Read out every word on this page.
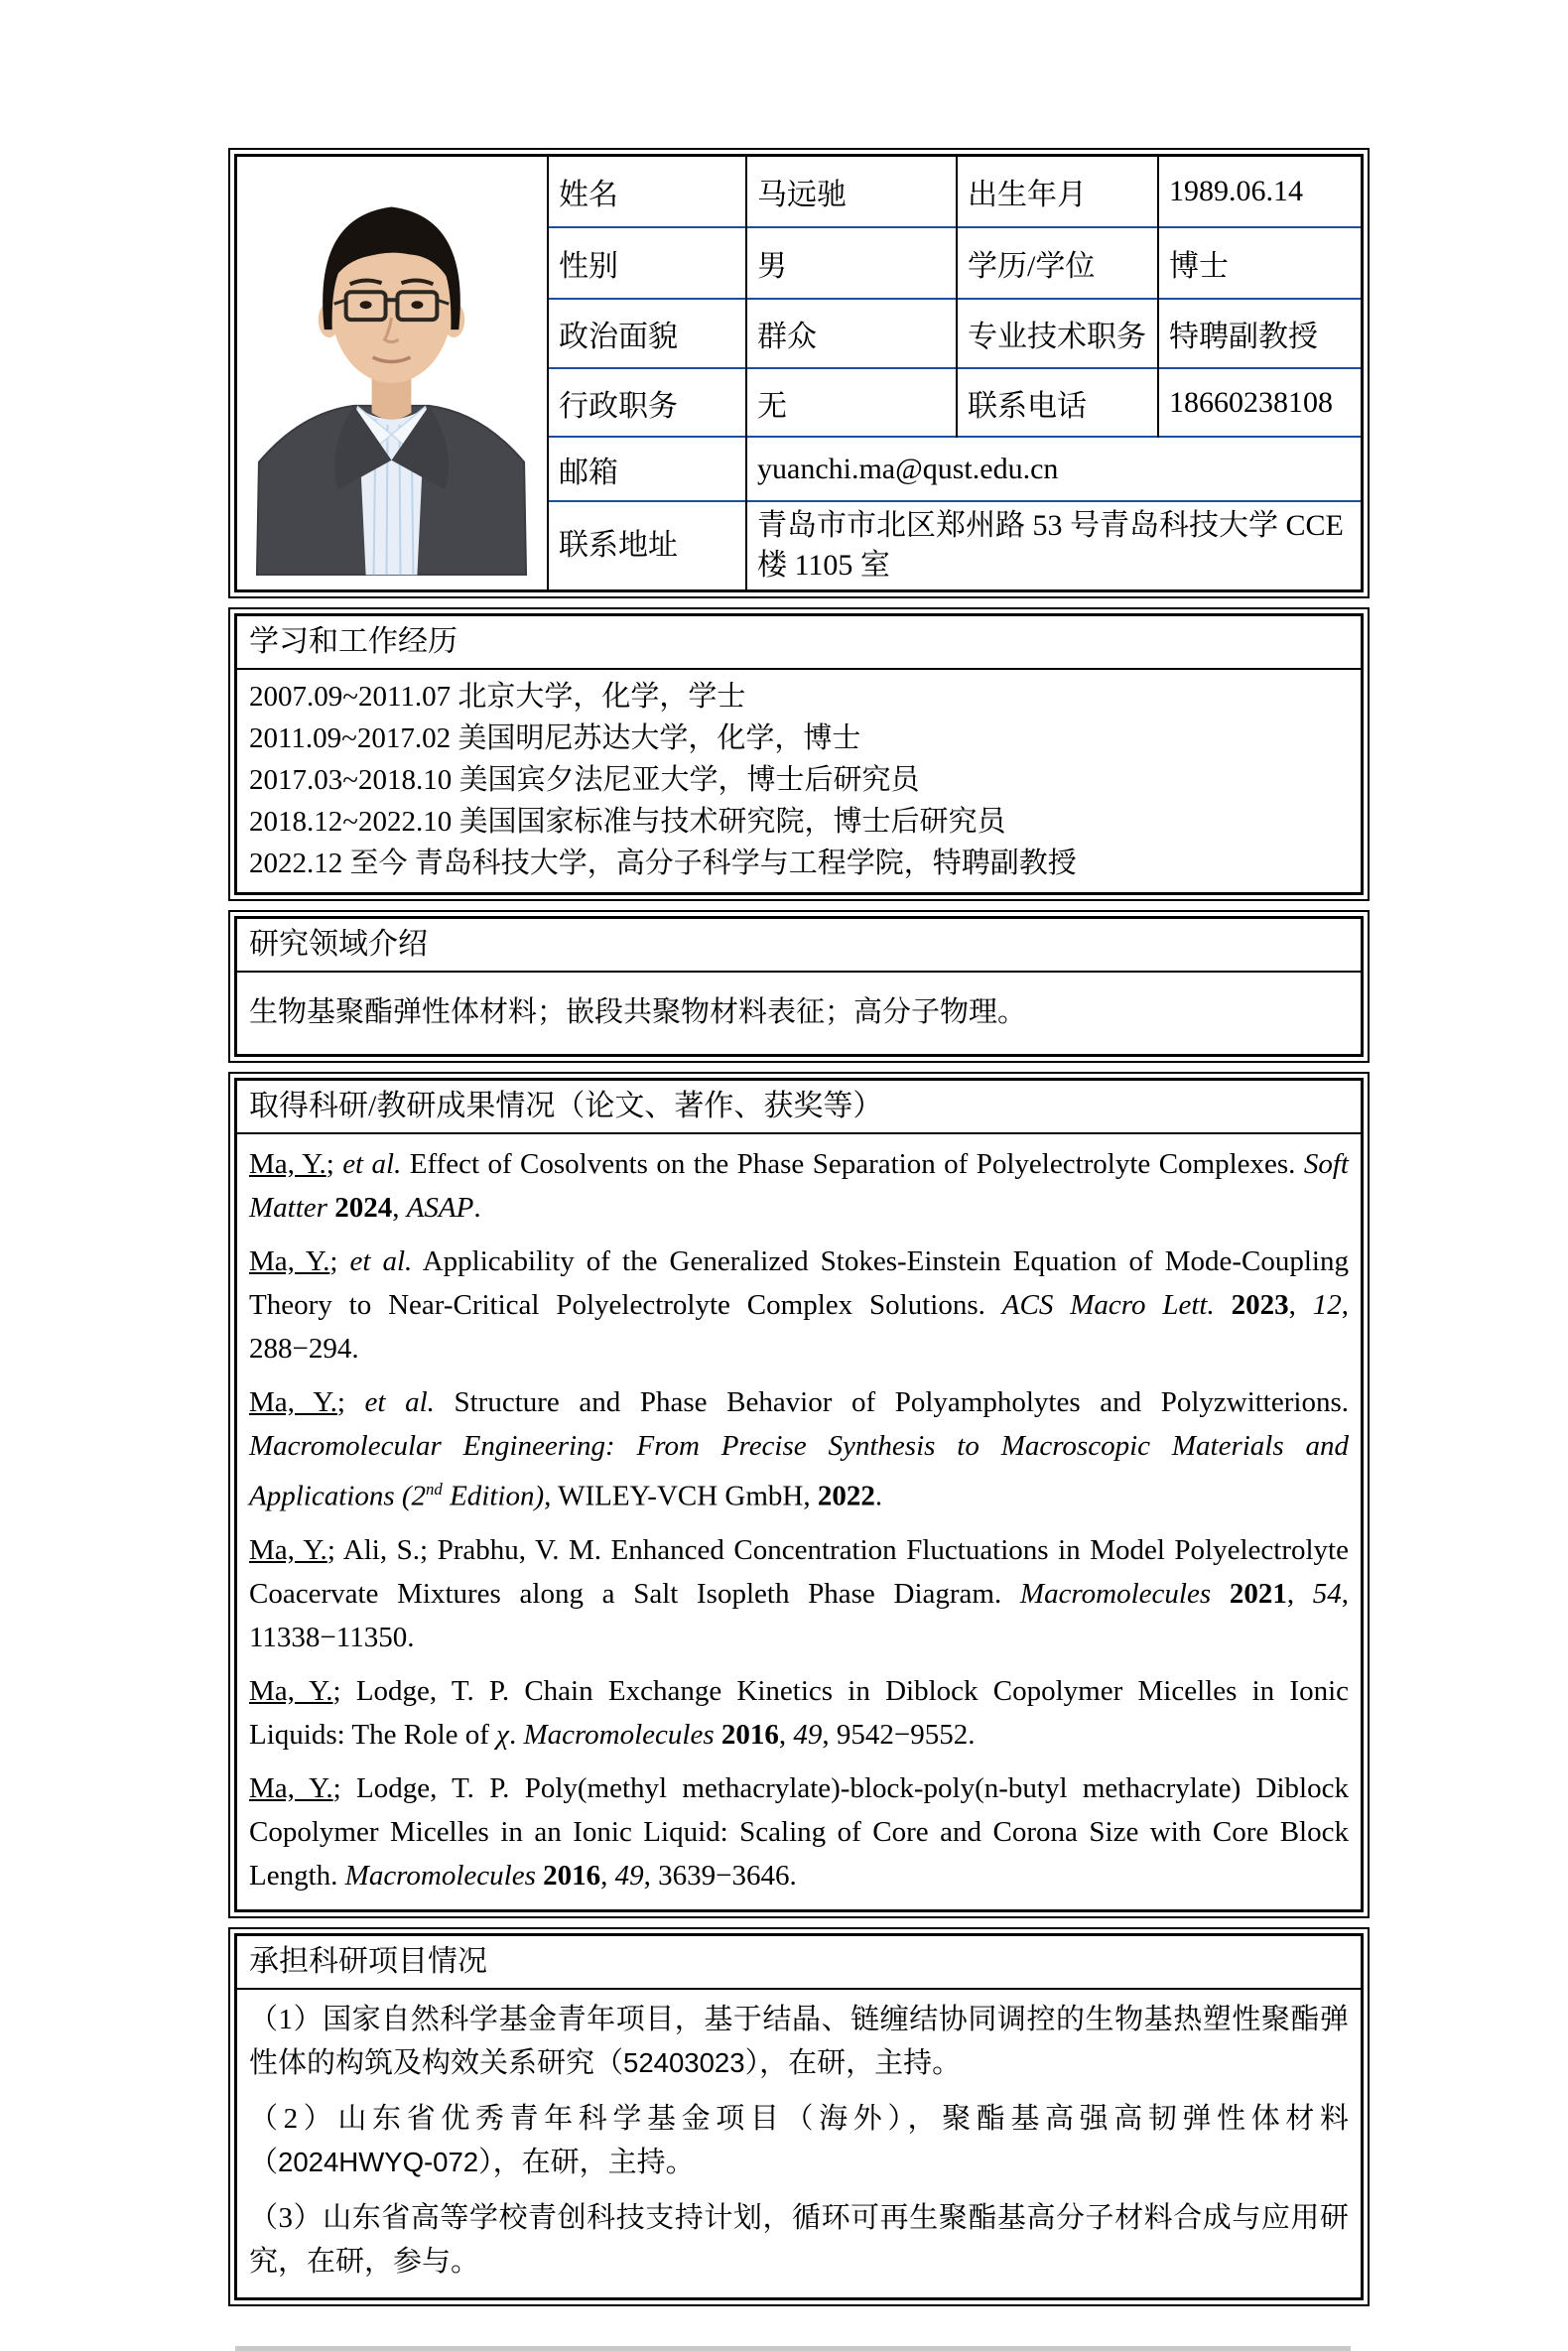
	姓名	马远驰	出生年月	1989.06.14
	性别	男	学历/学位	博士
	政治面貌	群众	专业技术职务	特聘副教授
	行政职务	无	联系电话	18660238108
	邮箱	yuanchi.ma@qust.edu.cn		
	联系地址	青岛市市北区郑州路 53 号青岛科技大学 CCE 楼 1105 室		
学习和工作经历
2007.09~2011.07 北京大学，化学，学士
2011.09~2017.02 美国明尼苏达大学，化学，博士
2017.03~2018.10 美国宾夕法尼亚大学，博士后研究员
2018.12~2022.10 美国国家标准与技术研究院，博士后研究员
2022.12 至今 青岛科技大学，高分子科学与工程学院，特聘副教授
研究领域介绍
生物基聚酯弹性体材料；嵌段共聚物材料表征；高分子物理。
取得科研/教研成果情况（论文、著作、获奖等）
Ma, Y.; et al. Effect of Cosolvents on the Phase Separation of Polyelectrolyte Complexes. Soft Matter 2024, ASAP.
Ma, Y.; et al. Applicability of the Generalized Stokes-Einstein Equation of Mode-Coupling Theory to Near-Critical Polyelectrolyte Complex Solutions. ACS Macro Lett. 2023, 12, 288−294.
Ma, Y.; et al. Structure and Phase Behavior of Polyampholytes and Polyzwitterions. Macromolecular Engineering: From Precise Synthesis to Macroscopic Materials and Applications (2nd Edition), WILEY-VCH GmbH, 2022.
Ma, Y.; Ali, S.; Prabhu, V. M. Enhanced Concentration Fluctuations in Model Polyelectrolyte Coacervate Mixtures along a Salt Isopleth Phase Diagram. Macromolecules 2021, 54, 11338−11350.
Ma, Y.; Lodge, T. P. Chain Exchange Kinetics in Diblock Copolymer Micelles in Ionic Liquids: The Role of χ. Macromolecules 2016, 49, 9542−9552.
Ma, Y.; Lodge, T. P. Poly(methyl methacrylate)-block-poly(n-butyl methacrylate) Diblock Copolymer Micelles in an Ionic Liquid: Scaling of Core and Corona Size with Core Block Length. Macromolecules 2016, 49, 3639−3646.
承担科研项目情况
（1）国家自然科学基金青年项目，基于结晶、链缠结协同调控的生物基热塑性聚酯弹性体的构筑及构效关系研究（52403023），在研，主持。
（2）山东省优秀青年科学基金项目（海外），聚酯基高强高韧弹性体材料（2024HWYQ-072），在研，主持。
（3）山东省高等学校青创科技支持计划，循环可再生聚酯基高分子材料合成与应用研究，在研，参与。
